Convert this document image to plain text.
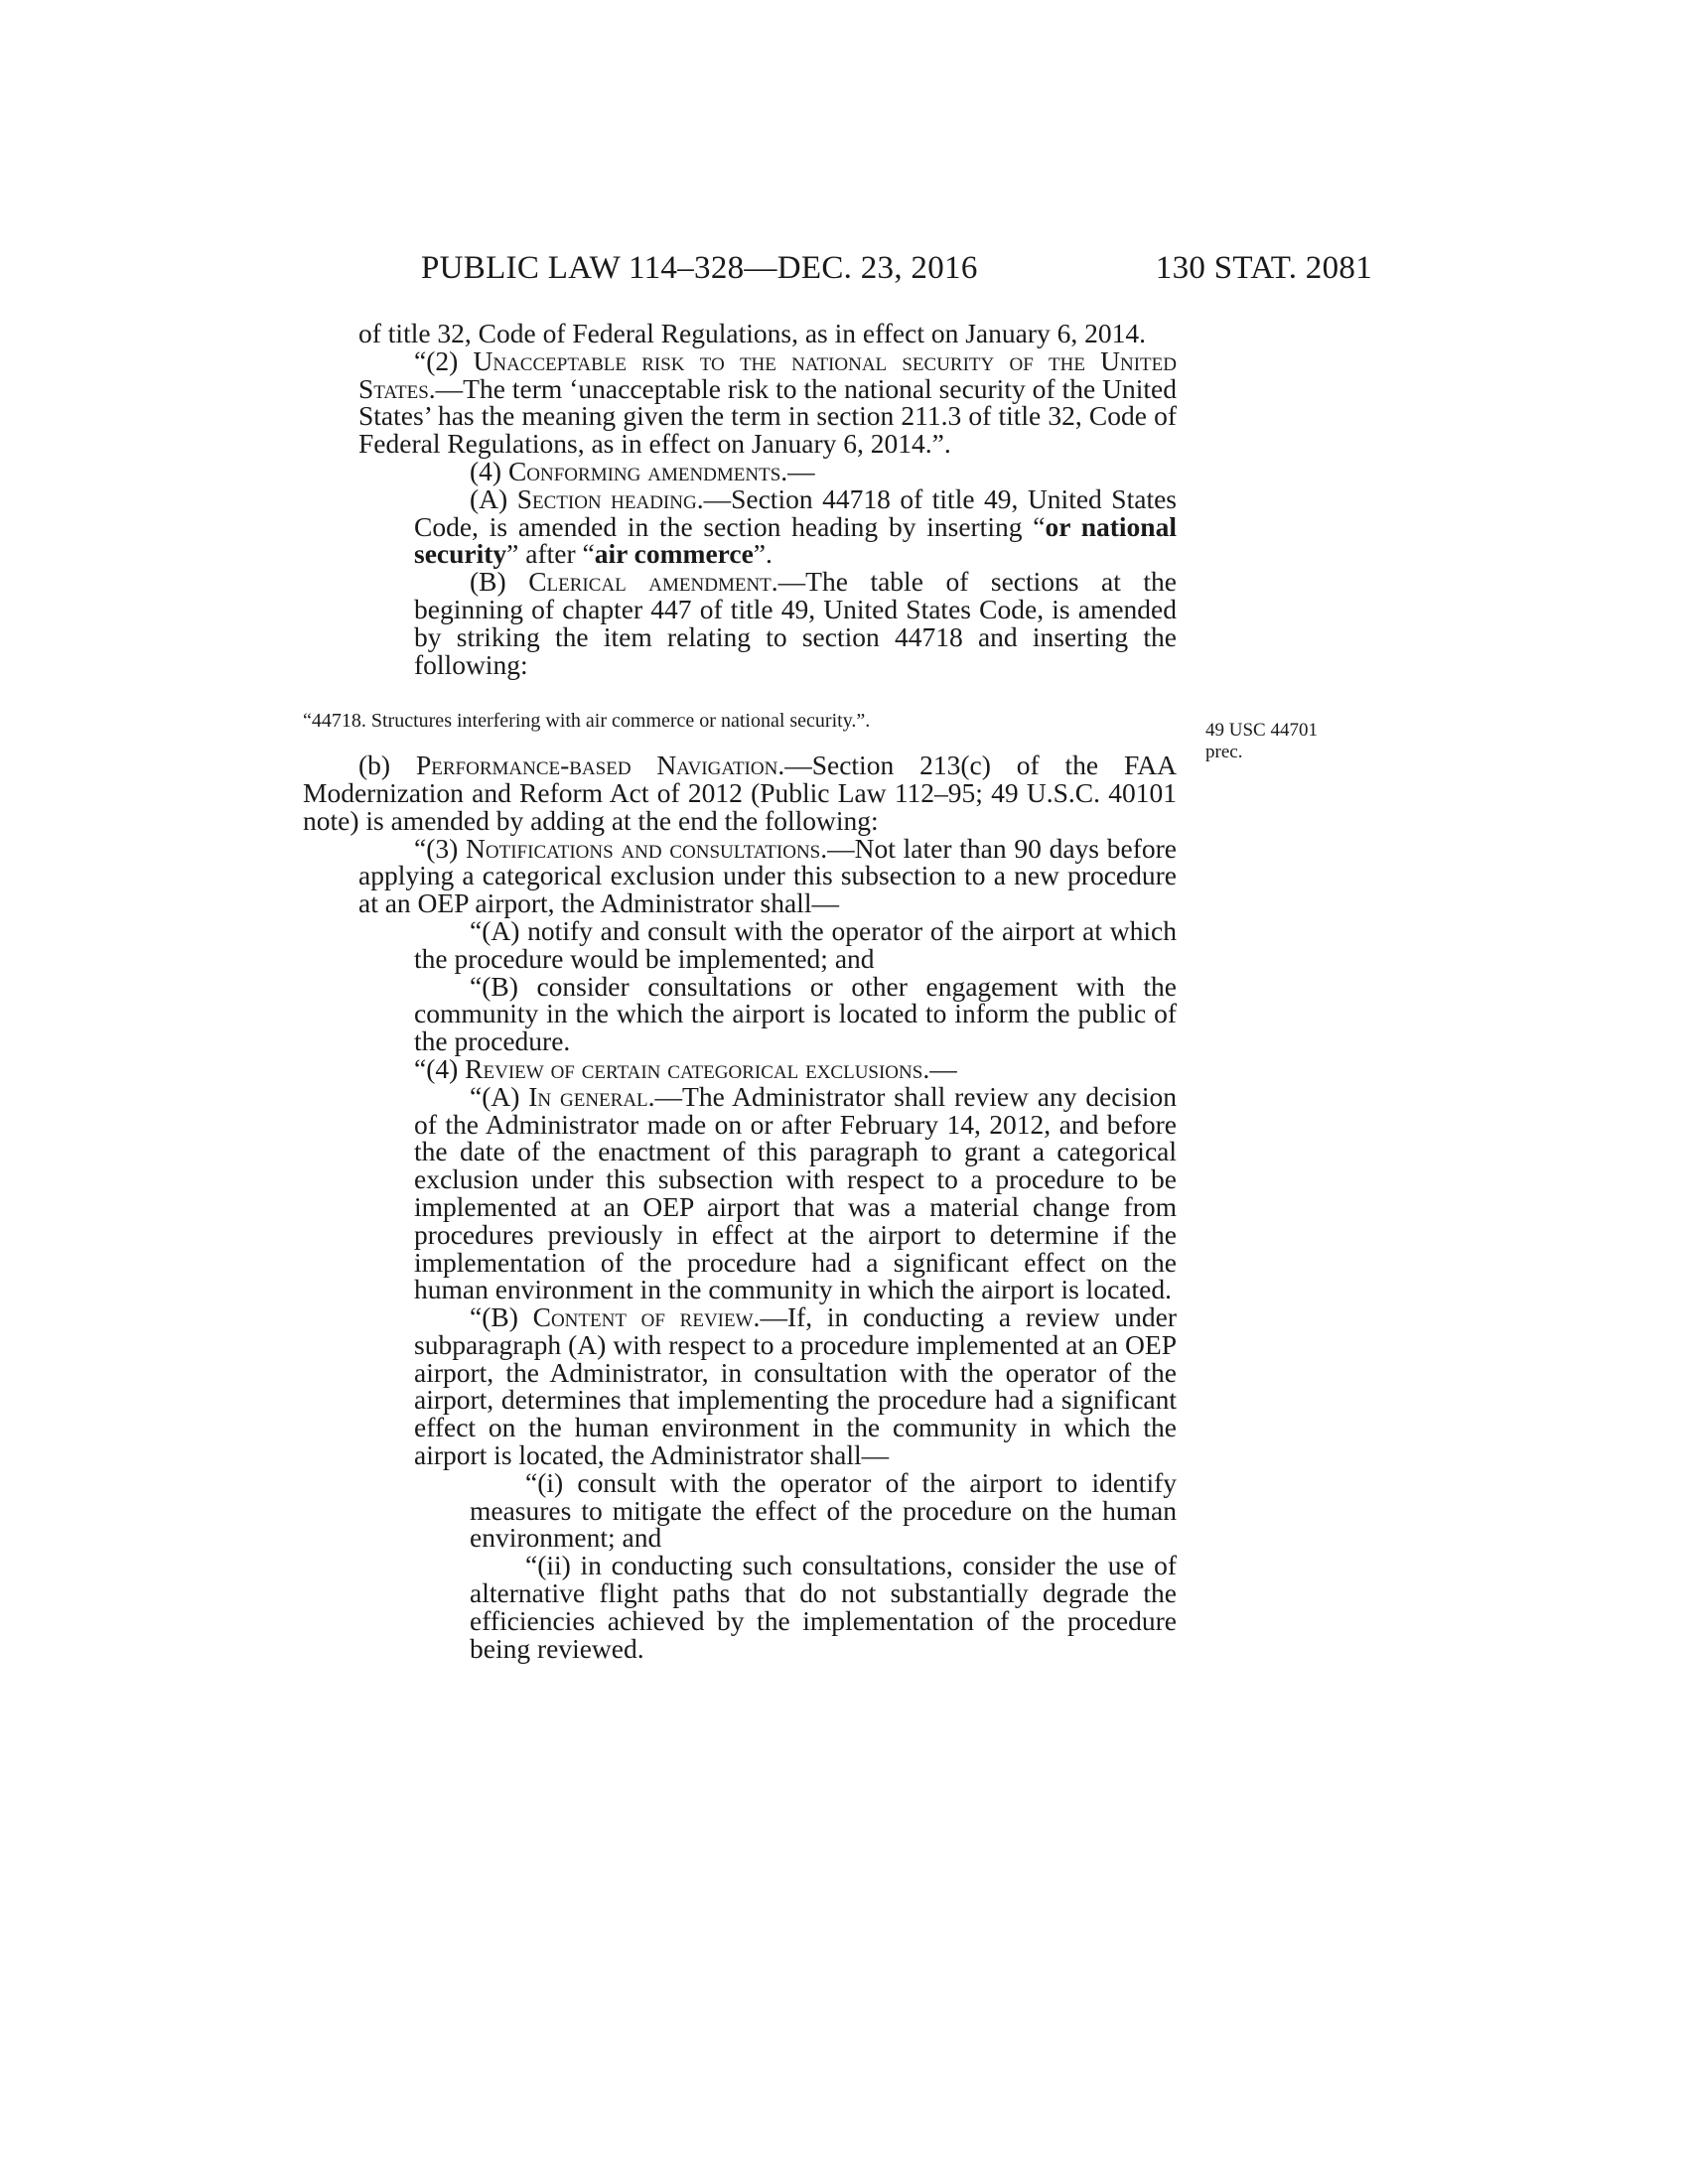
PUBLIC LAW 114–328—DEC. 23, 2016	130 STAT. 2081
49 USC 44701
prec.

of title 32, Code of Federal Regulations, as in effect on January 6, 2014.

“(2) Unacceptable risk to the national security of the United States.—The term ‘unacceptable risk to the national security of the United States’ has the meaning given the term in section 211.3 of title 32, Code of Federal Regulations, as in effect on January 6, 2014.”.

(4) Conforming amendments.—

(A) Section heading.—Section 44718 of title 49, United States Code, is amended in the section heading by inserting “or national security” after “air commerce”.

(B) Clerical amendment.—The table of sections at the beginning of chapter 447 of title 49, United States Code, is amended by striking the item relating to section 44718 and inserting the following:

“44718. Structures interfering with air commerce or national security.”.

(b) Performance-based Navigation.—Section 213(c) of the FAA Modernization and Reform Act of 2012 (Public Law 112–95; 49 U.S.C. 40101 note) is amended by adding at the end the following:

“(3) Notifications and consultations.—Not later than 90 days before applying a categorical exclusion under this subsection to a new procedure at an OEP airport, the Administrator shall—

“(A) notify and consult with the operator of the airport at which the procedure would be implemented; and

“(B) consider consultations or other engagement with the community in the which the airport is located to inform the public of the procedure.

“(4) Review of certain categorical exclusions.—

“(A) In general.—The Administrator shall review any decision of the Administrator made on or after February 14, 2012, and before the date of the enactment of this paragraph to grant a categorical exclusion under this subsection with respect to a procedure to be implemented at an OEP airport that was a material change from procedures previously in effect at the airport to determine if the implementation of the procedure had a significant effect on the human environment in the community in which the airport is located.

“(B) Content of review.—If, in conducting a review under subparagraph (A) with respect to a procedure implemented at an OEP airport, the Administrator, in consultation with the operator of the airport, determines that implementing the procedure had a significant effect on the human environment in the community in which the airport is located, the Administrator shall—

“(i) consult with the operator of the airport to identify measures to mitigate the effect of the procedure on the human environment; and

“(ii) in conducting such consultations, consider the use of alternative flight paths that do not substantially degrade the efficiencies achieved by the implementation of the procedure being reviewed.
